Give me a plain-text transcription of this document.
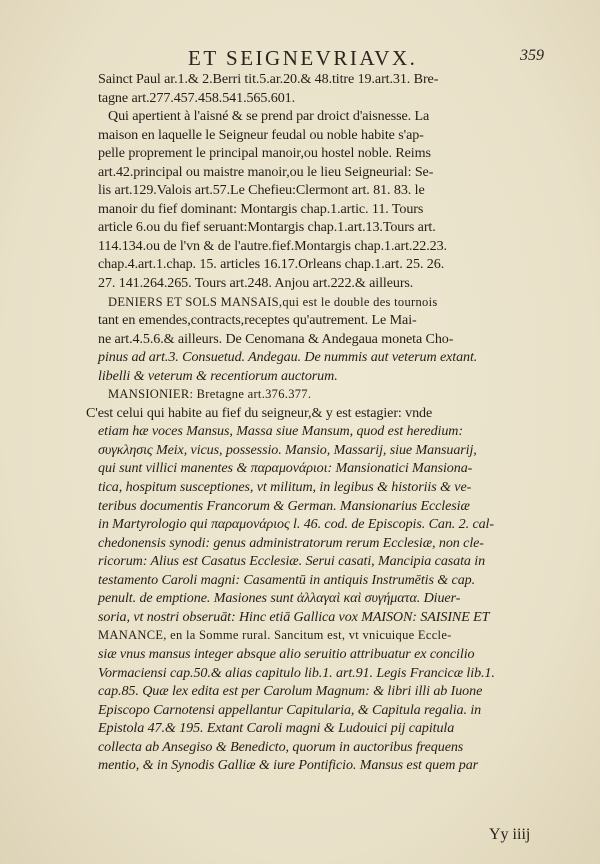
ET SEIGNEVRIAVX.	359
Sainct Paul ar.1.& 2.Berri tit.5.ar.20.& 48.titre 19.art.31. Bre-
tagne art.277.457.458.541.565.601.
Qui apertient à l'aisné & se prend par droict d'aisnesse. La
maison en laquelle le Seigneur feudal ou noble habite s'ap-
pelle proprement le principal manoir,ou hostel noble. Reims
art.42.principal ou maistre manoir,ou le lieu Seigneurial: Se-
lis art.129.Valois art.57.Le Chefieu:Clermont art. 81. 83. le
manoir du fief dominant: Montargis chap.1.artic. 11. Tours
article 6.ou du fief seruant:Montargis chap.1.art.13.Tours art.
114.134.ou de l'vn & de l'autre.fief.Montargis chap.1.art.22.23.
chap.4.art.1.chap. 15. articles 16.17.Orleans chap.1.art. 25. 26.
27. 141.264.265. Tours art.248. Anjou art.222.& ailleurs.
DENIERS ET SOLS MANSAIS,qui est le double des tournois
tant en emendes,contracts,receptes qu'autrement. Le Mai-
ne art.4.5.6.& ailleurs. De Cenomana & Andegaua moneta Cho-
pinus ad art.3. Consuetud. Andegau. De nummis aut veterum extant.
libelli & veterum & recentiorum auctorum.
MANSIONIER: Bretagne art.376.377.
C'est celui qui habite au fief du seigneur,& y est estagier: vnde
etiam hæ voces Mansus, Massa siue Mansum, quod est heredium:
συγκλησις Meix, vicus, possessio. Mansio, Massarij, siue Mansuarij,
qui sunt villici manentes & παραμονάριοι: Mansionatici Mansiona-
tica, hospitum susceptiones, vt militum, in legibus & historiis & ve-
teribus documentis Francorum & German. Mansionarius Ecclesiæ
in Martyrologio qui παραμονάριος l. 46. cod. de Episcopis. Can. 2. cal-
chedonensis synodi: genus administratorum rerum Ecclesiæ, non cle-
ricorum: Alius est Casatus Ecclesiæ. Serui casati, Mancipia casata in
testamento Caroli magni: Casamentū in antiquis Instrumētis & cap.
penult. de emptione. Masiones sunt ἀλλαγαὶ καὶ συγήματα. Diuer-
soria, vt nostri obseruāt: Hinc etiā Gallica vox MAISON: SAISINE ET
MANANCE, en la Somme rural. Sancitum est, vt vnicuique Eccle-
siæ vnus mansus integer absque alio seruitio attribuatur ex concilio
Vormaciensi cap.50.& alias capitulo lib.1. art.91. Legis Francicæ lib.1.
cap.85. Quæ lex edita est per Carolum Magnum: & libri illi ab Iuone
Episcopo Carnotensi appellantur Capitularia, & Capitula regalia. in
Epistola 47.& 195. Extant Caroli magni & Ludouici pij capitula
collecta ab Ansegiso & Benedicto, quorum in auctoribus frequens
mentio, & in Synodis Galliæ & iure Pontificio. Mansus est quem par
Yy iiij
